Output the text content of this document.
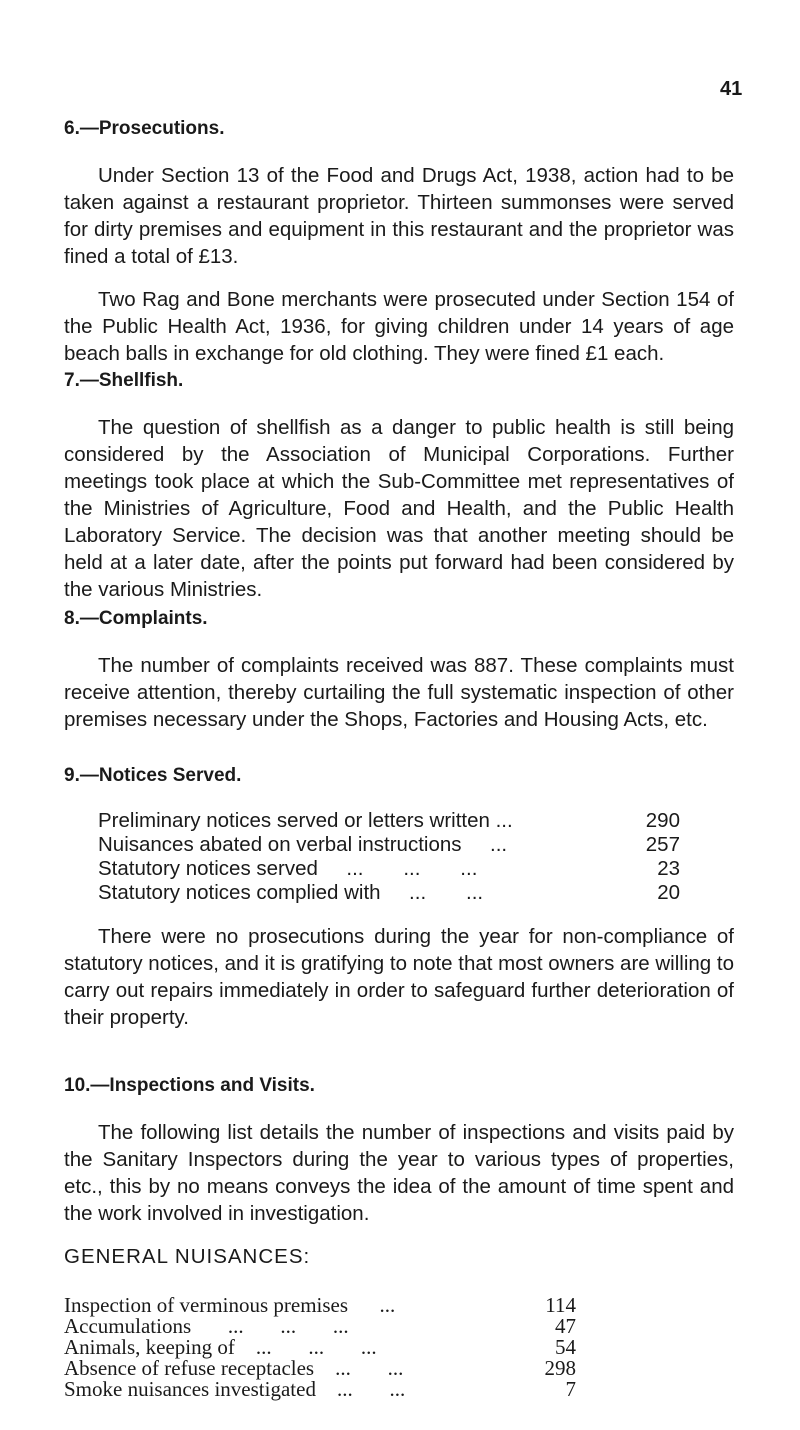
41

6.—Prosecutions.

Under Section 13 of the Food and Drugs Act, 1938, action had to be taken against a restaurant proprietor. Thirteen summonses were served for dirty premises and equipment in this restaurant and the proprietor was fined a total of £13.

Two Rag and Bone merchants were prosecuted under Section 154 of the Public Health Act, 1936, for giving children under 14 years of age beach balls in exchange for old clothing. They were fined £1 each.

7.—Shellfish.

The question of shellfish as a danger to public health is still being considered by the Association of Municipal Corporations. Further meetings took place at which the Sub-Committee met representatives of the Ministries of Agriculture, Food and Health, and the Public Health Laboratory Service. The decision was that another meeting should be held at a later date, after the points put forward had been considered by the various Ministries.

8.—Complaints.

The number of complaints received was 887. These complaints must receive attention, thereby curtailing the full systematic inspection of other premises necessary under the Shops, Factories and Housing Acts, etc.

9.—Notices Served.

Preliminary notices served or letters written ...	290
Nuisances abated on verbal instructions     ...	257
Statutory notices served     ...       ...       ...	23
Statutory notices complied with     ...       ...	20

There were no prosecutions during the year for non-compliance of statutory notices, and it is gratifying to note that most owners are willing to carry out repairs immediately in order to safeguard further deterioration of their property.

10.—Inspections and Visits.

The following list details the number of inspections and visits paid by the Sanitary Inspectors during the year to various types of properties, etc., this by no means conveys the idea of the amount of time spent and the work involved in investigation.

GENERAL NUISANCES:

Inspection of verminous premises      ...	114
Accumulations       ...       ...       ...	47
Animals, keeping of    ...       ...       ...	54
Absence of refuse receptacles    ...       ...	298
Smoke nuisances investigated    ...       ...	7
